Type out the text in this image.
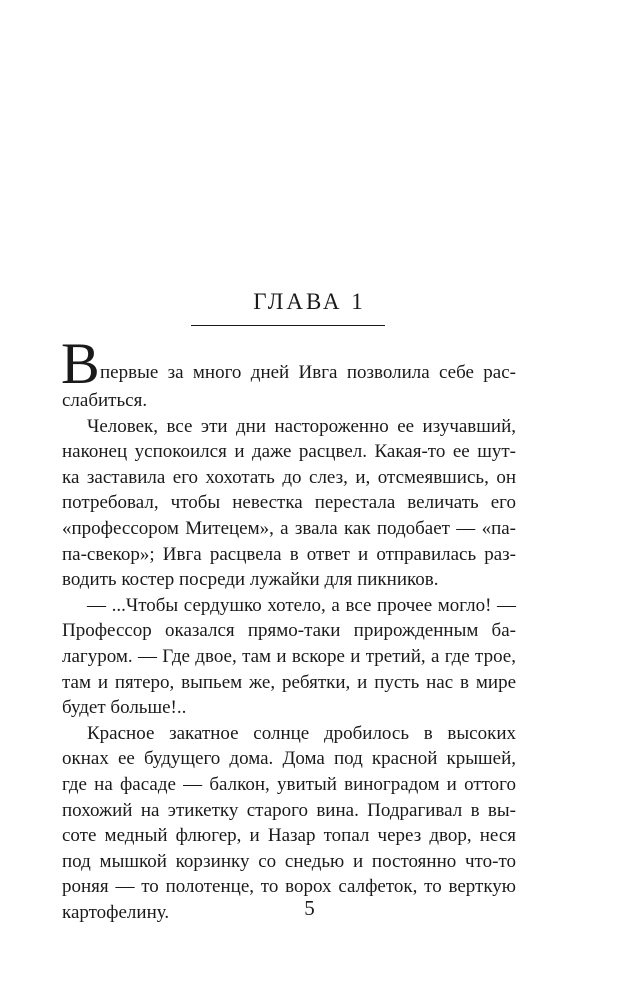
ГЛАВА 1
В первые за много дней Ивга позволила себе рас-
слабиться.
Человек, все эти дни настороженно ее изучавший,
наконец успокоился и даже расцвел. Какая-то ее шут-
ка заставила его хохотать до слез, и, отсмеявшись, он
потребовал, чтобы невестка перестала величать его
«профессором Митецем», а звала как подобает — «па-
па-свекор»; Ивга расцвела в ответ и отправилась раз-
водить костер посреди лужайки для пикников.
— ...Чтобы сердушко хотело, а все прочее могло! —
Профессор оказался прямо-таки прирожденным ба-
лагуром. — Где двое, там и вскоре и третий, а где трое,
там и пятеро, выпьем же, ребятки, и пусть нас в мире
будет больше!..
Красное закатное солнце дробилось в высоких
окнах ее будущего дома. Дома под красной крышей,
где на фасаде — балкон, увитый виноградом и оттого
похожий на этикетку старого вина. Подрагивал в вы-
соте медный флюгер, и Назар топал через двор, неся
под мышкой корзинку со снедью и постоянно что-то
роняя — то полотенце, то ворох салфеток, то верткую
картофелину.	5
